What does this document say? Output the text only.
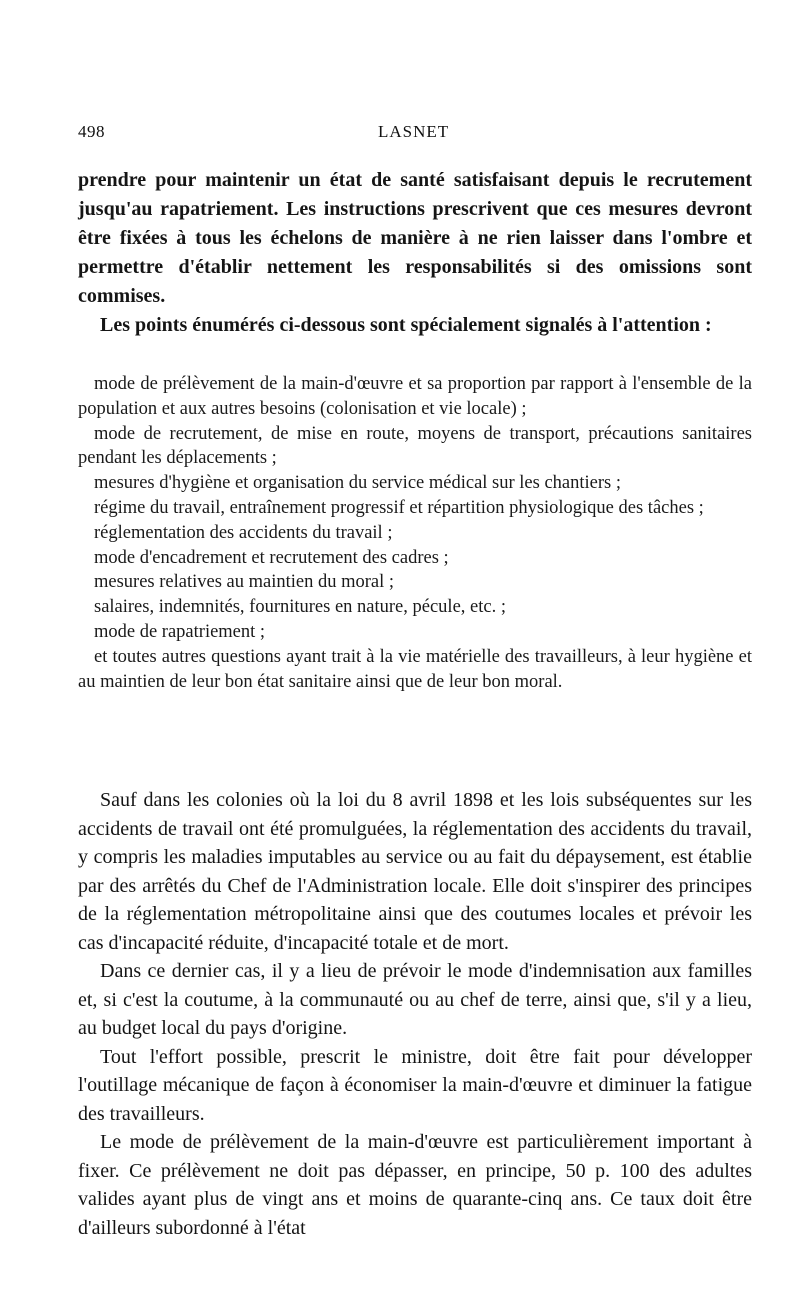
498	LASNET

prendre pour maintenir un état de santé satisfaisant depuis le recrutement jusqu'au rapatriement. Les instructions prescrivent que ces mesures devront être fixées à tous les échelons de manière à ne rien laisser dans l'ombre et permettre d'établir nettement les responsabilités si des omissions sont commises.

Les points énumérés ci-dessous sont spécialement signalés à l'attention :

mode de prélèvement de la main-d'œuvre et sa proportion par rapport à l'ensemble de la population et aux autres besoins (colonisation et vie locale) ;

mode de recrutement, de mise en route, moyens de transport, précautions sanitaires pendant les déplacements ;

mesures d'hygiène et organisation du service médical sur les chantiers ;

régime du travail, entraînement progressif et répartition physiologique des tâches ;

réglementation des accidents du travail ;

mode d'encadrement et recrutement des cadres ;

mesures relatives au maintien du moral ;

salaires, indemnités, fournitures en nature, pécule, etc. ;

mode de rapatriement ;

et toutes autres questions ayant trait à la vie matérielle des travailleurs, à leur hygiène et au maintien de leur bon état sanitaire ainsi que de leur bon moral.

Sauf dans les colonies où la loi du 8 avril 1898 et les lois subséquentes sur les accidents de travail ont été promulguées, la réglementation des accidents du travail, y compris les maladies imputables au service ou au fait du dépaysement, est établie par des arrêtés du Chef de l'Administration locale. Elle doit s'inspirer des principes de la réglementation métropolitaine ainsi que des coutumes locales et prévoir les cas d'incapacité réduite, d'incapacité totale et de mort.

Dans ce dernier cas, il y a lieu de prévoir le mode d'indemnisation aux familles et, si c'est la coutume, à la communauté ou au chef de terre, ainsi que, s'il y a lieu, au budget local du pays d'origine.

Tout l'effort possible, prescrit le ministre, doit être fait pour développer l'outillage mécanique de façon à économiser la main-d'œuvre et diminuer la fatigue des travailleurs.

Le mode de prélèvement de la main-d'œuvre est particulièrement important à fixer. Ce prélèvement ne doit pas dépasser, en principe, 50 p. 100 des adultes valides ayant plus de vingt ans et moins de quarante-cinq ans. Ce taux doit être d'ailleurs subordonné à l'état
